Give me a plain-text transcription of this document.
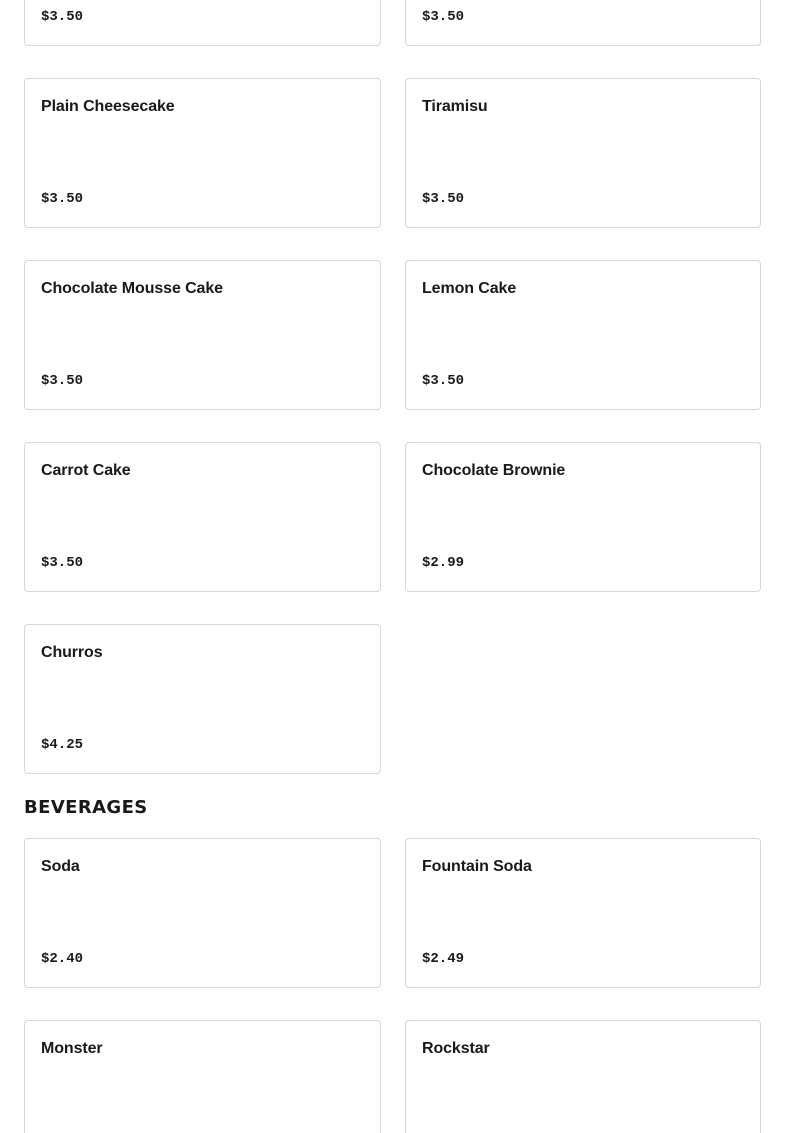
$3.50	$3.50
Plain Cheesecake
$3.50
Tiramisu
$3.50
Chocolate Mousse Cake
$3.50
Lemon Cake
$3.50
Carrot Cake
$3.50
Chocolate Brownie
$2.99
Churros
$4.25
BEVERAGES
Soda
$2.40
Fountain Soda
$2.49
Monster	Rockstar
